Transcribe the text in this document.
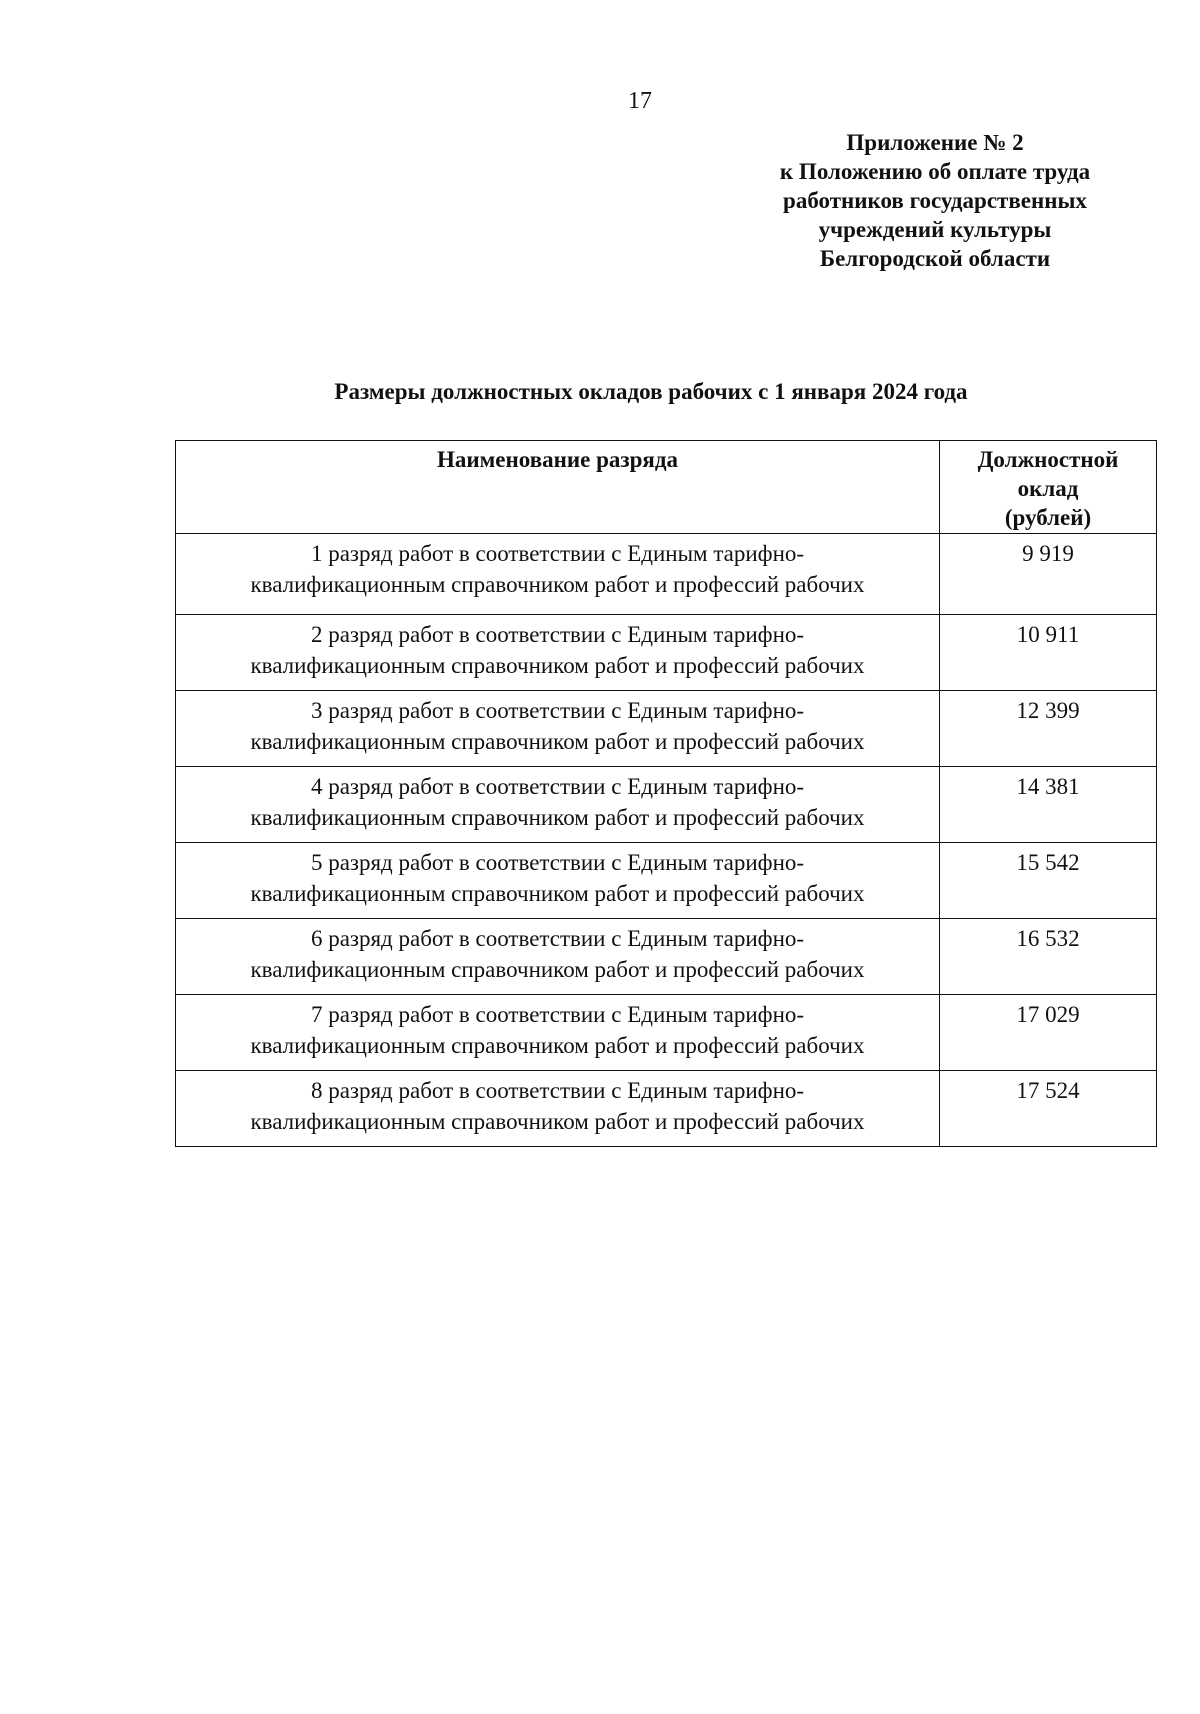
17
Приложение № 2
к Положению об оплате труда
работников государственных
учреждений культуры
Белгородской области
Размеры должностных окладов рабочих с 1 января 2024 года
Наименование разряда	Должностной
оклад
(рублей)

1 разряд работ в соответствии с Единым тарифно-
квалификационным справочником работ и профессий рабочих	9 919

2 разряд работ в соответствии с Единым тарифно-
квалификационным справочником работ и профессий рабочих	10 911

3 разряд работ в соответствии с Единым тарифно-
квалификационным справочником работ и профессий рабочих	12 399

4 разряд работ в соответствии с Единым тарифно-
квалификационным справочником работ и профессий рабочих	14 381

5 разряд работ в соответствии с Единым тарифно-
квалификационным справочником работ и профессий рабочих	15 542

6 разряд работ в соответствии с Единым тарифно-
квалификационным справочником работ и профессий рабочих	16 532

7 разряд работ в соответствии с Единым тарифно-
квалификационным справочником работ и профессий рабочих	17 029

8 разряд работ в соответствии с Единым тарифно-
квалификационным справочником работ и профессий рабочих	17 524
